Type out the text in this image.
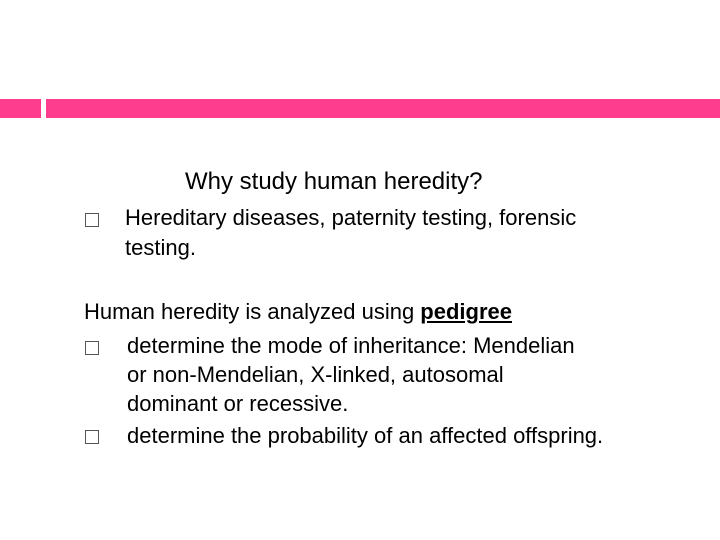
Why study human heredity?
Hereditary diseases, paternity testing, forensic
testing.
Human heredity is analyzed using pedigree
determine the mode of inheritance: Mendelian
or non-Mendelian, X-linked, autosomal
dominant or recessive.
determine the probability of an affected offspring.
